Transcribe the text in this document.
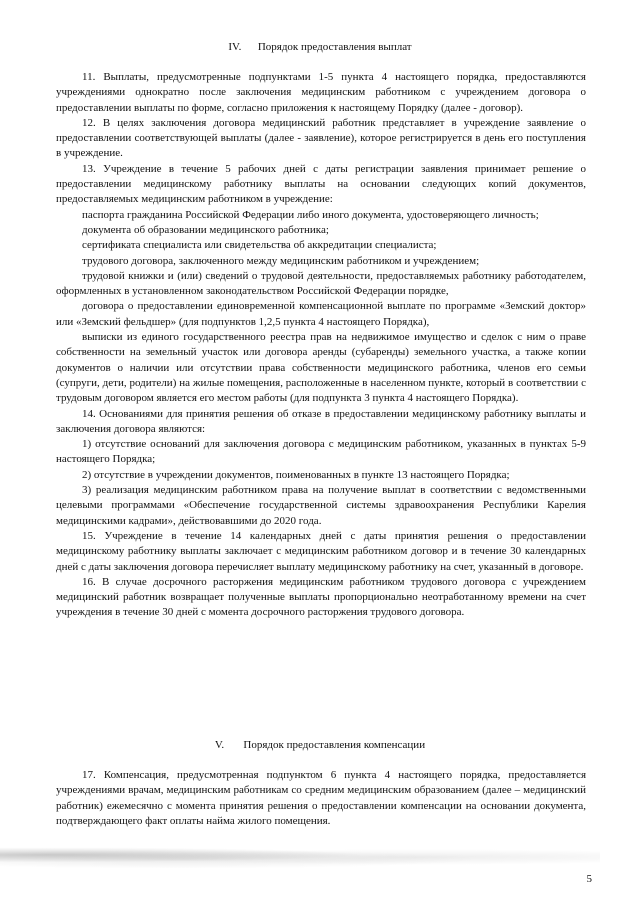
IV.      Порядок предоставления выплат

11. Выплаты, предусмотренные подпунктами 1-5 пункта 4 настоящего порядка, предоставляются учреждениями однократно после заключения медицинским работником с учреждением договора о предоставлении выплаты по форме, согласно приложения к настоящему Порядку (далее - договор).

12. В целях заключения договора медицинский работник представляет в учреждение заявление о предоставлении соответствующей выплаты (далее - заявление), которое регистрируется в день его поступления в учреждение.

13. Учреждение в течение 5 рабочих дней с даты регистрации заявления принимает решение о предоставлении медицинскому работнику выплаты на основании следующих копий документов, предоставляемых медицинским работником в учреждение:

паспорта гражданина Российской Федерации либо иного документа, удостоверяющего личность;

документа об образовании медицинского работника;

сертификата специалиста или свидетельства об аккредитации специалиста;

трудового договора, заключенного между медицинским работником и учреждением;

трудовой книжки и (или) сведений о трудовой деятельности, предоставляемых работнику работодателем, оформленных в установленном законодательством Российской Федерации порядке,

договора о предоставлении единовременной компенсационной выплате по программе «Земский доктор» или «Земский фельдшер» (для подпунктов 1,2,5 пункта 4 настоящего Порядка),

выписки из единого государственного реестра прав на недвижимое имущество и сделок с ним о праве собственности на земельный участок или договора аренды (субаренды) земельного участка, а также копии документов о наличии или отсутствии права собственности медицинского работника, членов его семьи (супруги, дети, родители) на жилые помещения, расположенные в населенном пункте, который в соответствии с трудовым договором является его местом работы (для подпункта 3 пункта 4 настоящего Порядка).

14. Основаниями для принятия решения об отказе в предоставлении медицинскому работнику выплаты и заключения договора являются:

1) отсутствие оснований для заключения договора с медицинским работником, указанных в пунктах 5-9 настоящего Порядка;

2) отсутствие в учреждении документов, поименованных в пункте 13 настоящего Порядка;

3) реализация медицинским работником права на получение выплат в соответствии с ведомственными целевыми программами «Обеспечение государственной системы здравоохранения Республики Карелия медицинскими кадрами», действовавшими до 2020 года.

15. Учреждение в течение 14 календарных дней с даты принятия решения о предоставлении медицинскому работнику выплаты заключает с медицинским работником договор и в течение 30 календарных дней с даты заключения договора перечисляет выплату медицинскому работнику на счет, указанный в договоре.

16. В случае досрочного расторжения медицинским работником трудового договора с учреждением медицинский работник возвращает полученные выплаты пропорционально неотработанному времени на счет учреждения в течение 30 дней с момента досрочного расторжения трудового договора.

V.       Порядок предоставления компенсации

17. Компенсация, предусмотренная подпунктом 6 пункта 4 настоящего порядка, предоставляется учреждениями врачам, медицинским работникам со средним медицинским образованием (далее – медицинский работник) ежемесячно с момента принятия решения о предоставлении компенсации на основании документа, подтверждающего факт оплаты найма жилого помещения.

5
